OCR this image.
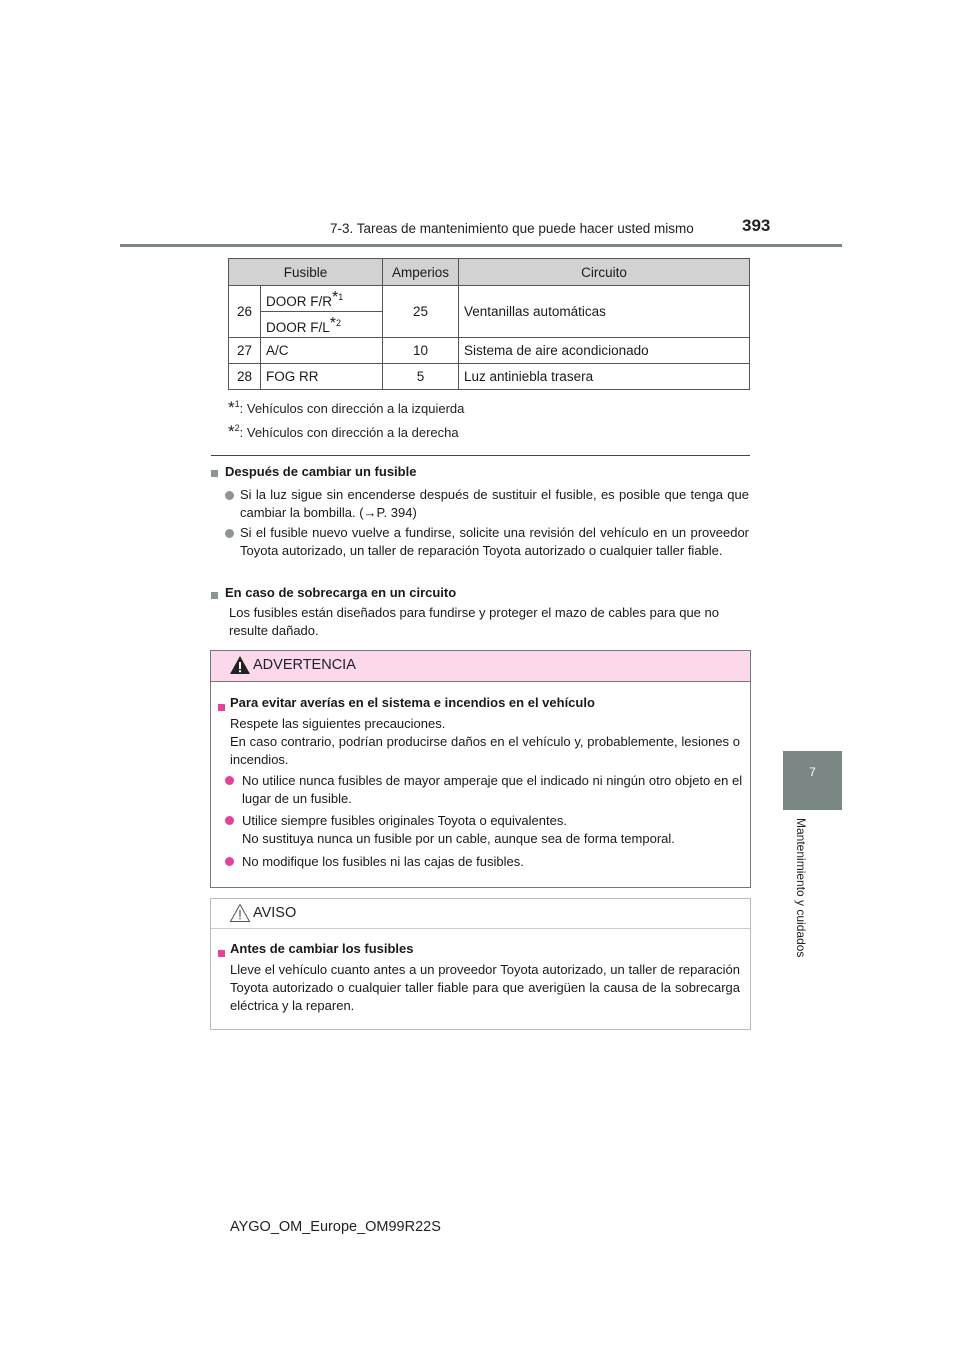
7-3. Tareas de mantenimiento que puede hacer usted mismo	393
7
Mantenimiento y cuidados
Fusible		Amperios	Circuito
26	DOOR $F/R^{*1}$	25	Ventanillas automáticas
	DOOR $F/L^{*2}$
27	A/C	10	Sistema de aire acondicionado
28	FOG RR	5	Luz antiniebla trasera
*$^1$: Vehículos con dirección a la izquierda
*$^2$: Vehículos con dirección a la derecha
Después de cambiar un fusible
Si la luz sigue sin encenderse después de sustituir el fusible, es posible que tenga que cambiar la bombilla. (→P. 394)
Si el fusible nuevo vuelve a fundirse, solicite una revisión del vehículo en un proveedor Toyota autorizado, un taller de reparación Toyota autorizado o cualquier taller fiable.
En caso de sobrecarga en un circuito
Los fusibles están diseñados para fundirse y proteger el mazo de cables para que no resulte dañado.
ADVERTENCIA
Para evitar averías en el sistema e incendios en el vehículo
Respete las siguientes precauciones.
En caso contrario, podrían producirse daños en el vehículo y, probablemente, lesiones o incendios.
No utilice nunca fusibles de mayor amperaje que el indicado ni ningún otro objeto en el lugar de un fusible.
Utilice siempre fusibles originales Toyota o equivalentes.
No sustituya nunca un fusible por un cable, aunque sea de forma temporal.
No modifique los fusibles ni las cajas de fusibles.
AVISO
Antes de cambiar los fusibles
Lleve el vehículo cuanto antes a un proveedor Toyota autorizado, un taller de reparación Toyota autorizado o cualquier taller fiable para que averigüen la causa de la sobrecarga eléctrica y la reparen.
AYGO_OM_Europe_OM99R22S
